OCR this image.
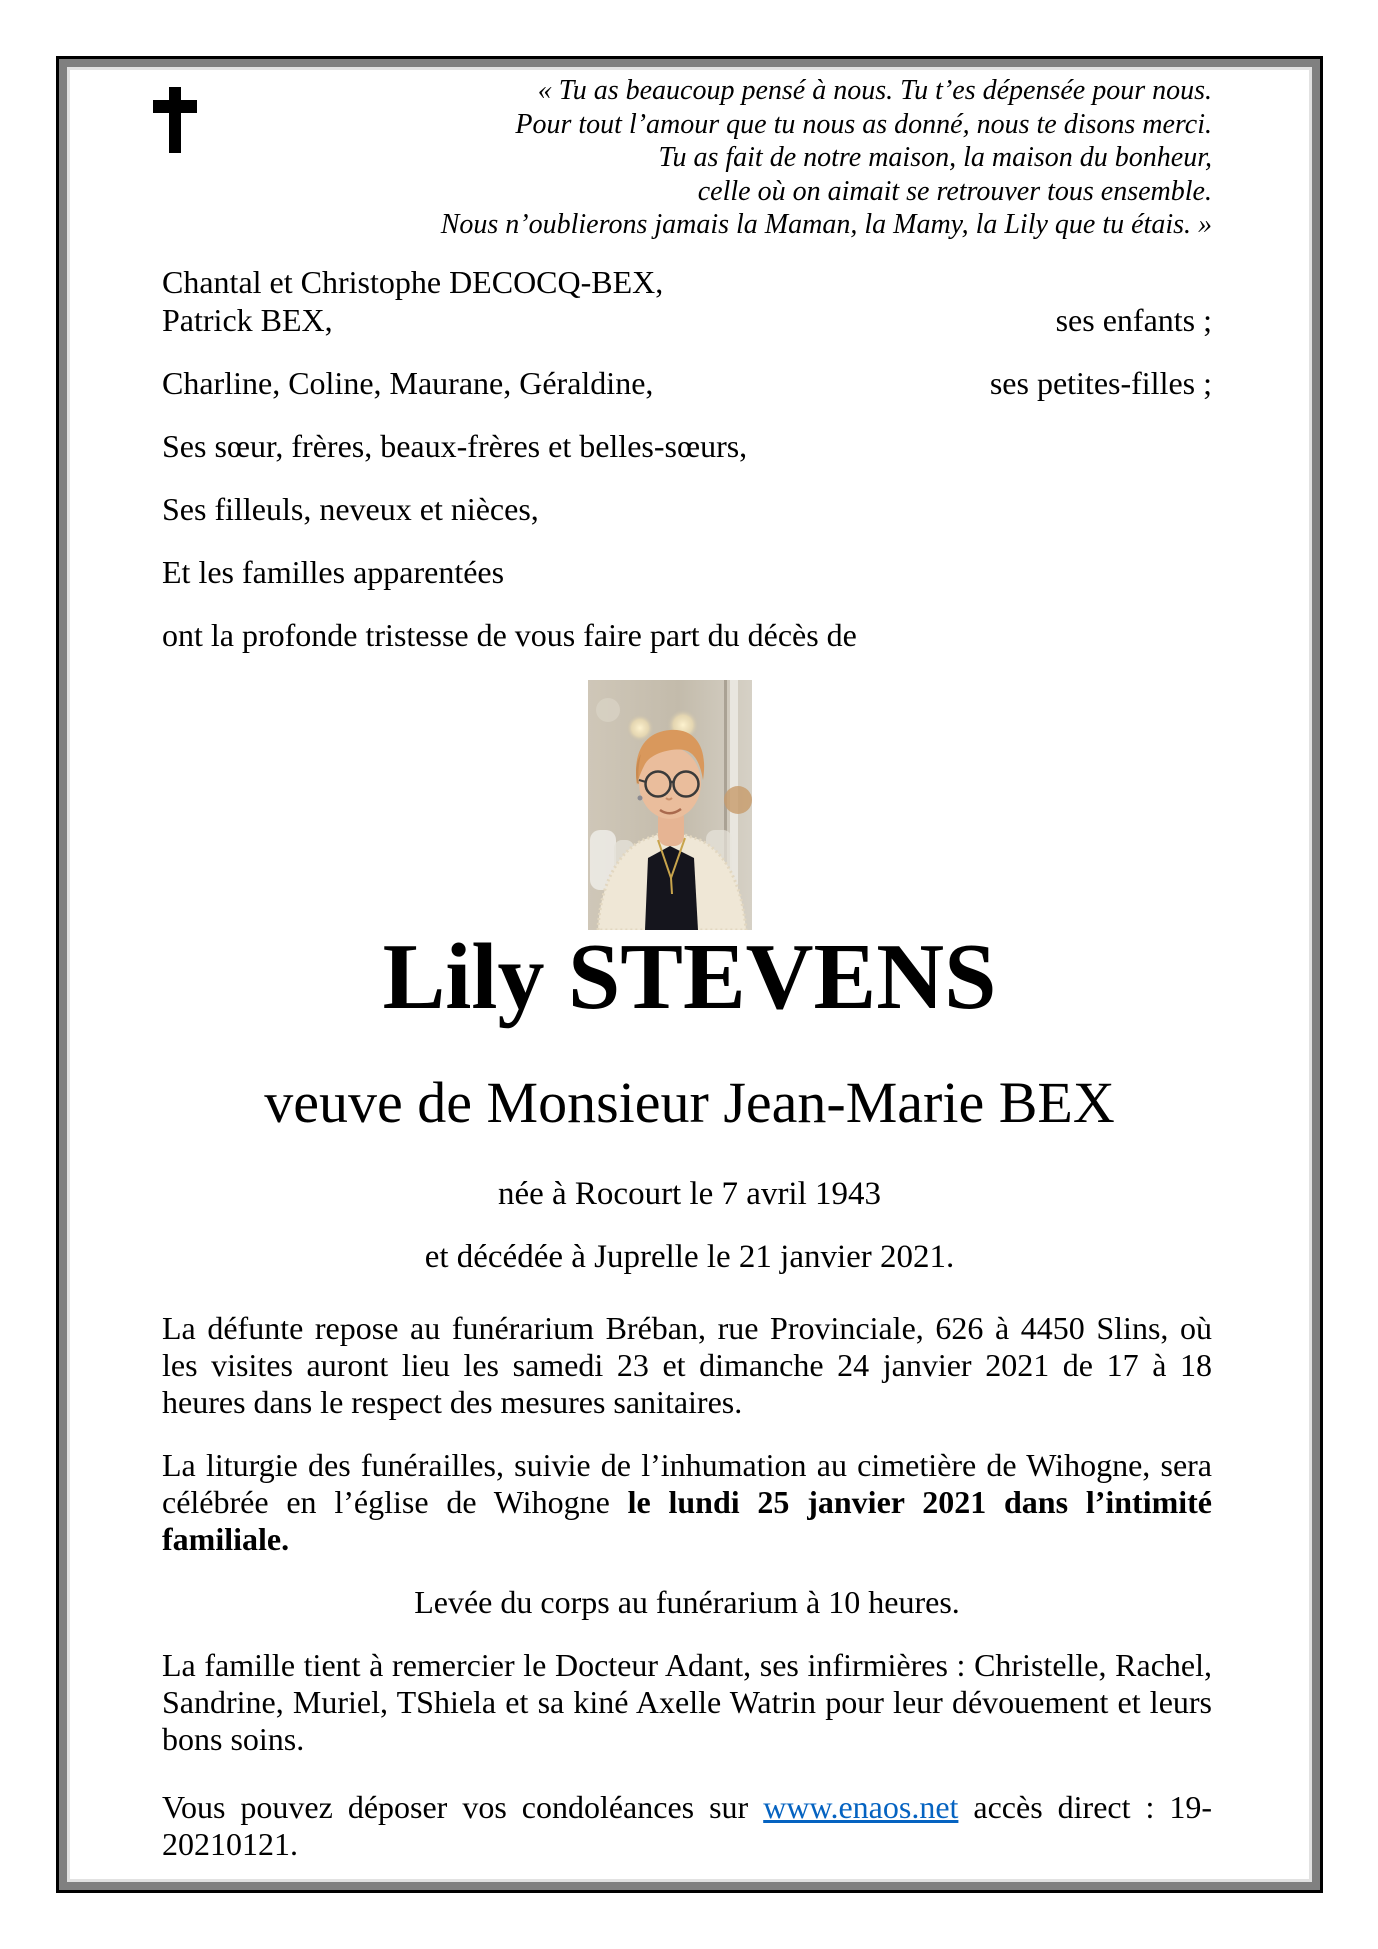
« Tu as beaucoup pensé à nous. Tu t’es dépensée pour nous.
Pour tout l’amour que tu nous as donné, nous te disons merci.
Tu as fait de notre maison, la maison du bonheur,
celle où on aimait se retrouver tous ensemble.
Nous n’oublierons jamais la Maman, la Mamy, la Lily que tu étais. »
Chantal et Christophe DECOCQ-BEX,
Patrick BEX,	ses enfants ;
Charline, Coline, Maurane, Géraldine,	ses petites-filles ;
Ses sœur, frères, beaux-frères et belles-sœurs,
Ses filleuls, neveux et nièces,
Et les familles apparentées
ont la profonde tristesse de vous faire part du décès de
Lily STEVENS
veuve de Monsieur Jean-Marie BEX
née à Rocourt le 7 avril 1943
et décédée à Juprelle le 21 janvier 2021.
La défunte repose au funérarium Bréban, rue Provinciale, 626 à 4450 Slins, où les visites auront lieu les samedi 23 et dimanche 24 janvier 2021 de 17 à 18 heures dans le respect des mesures sanitaires.
La liturgie des funérailles, suivie de l’inhumation au cimetière de Wihogne, sera célébrée en l’église de Wihogne le lundi 25 janvier 2021 dans l’intimité familiale.
Levée du corps au funérarium à 10 heures.
La famille tient à remercier le Docteur Adant, ses infirmières : Christelle, Rachel, Sandrine, Muriel, TShiela et sa kiné Axelle Watrin pour leur dévouement et leurs bons soins.
Vous pouvez déposer vos condoléances sur www.enaos.net accès direct : 19-20210121.
